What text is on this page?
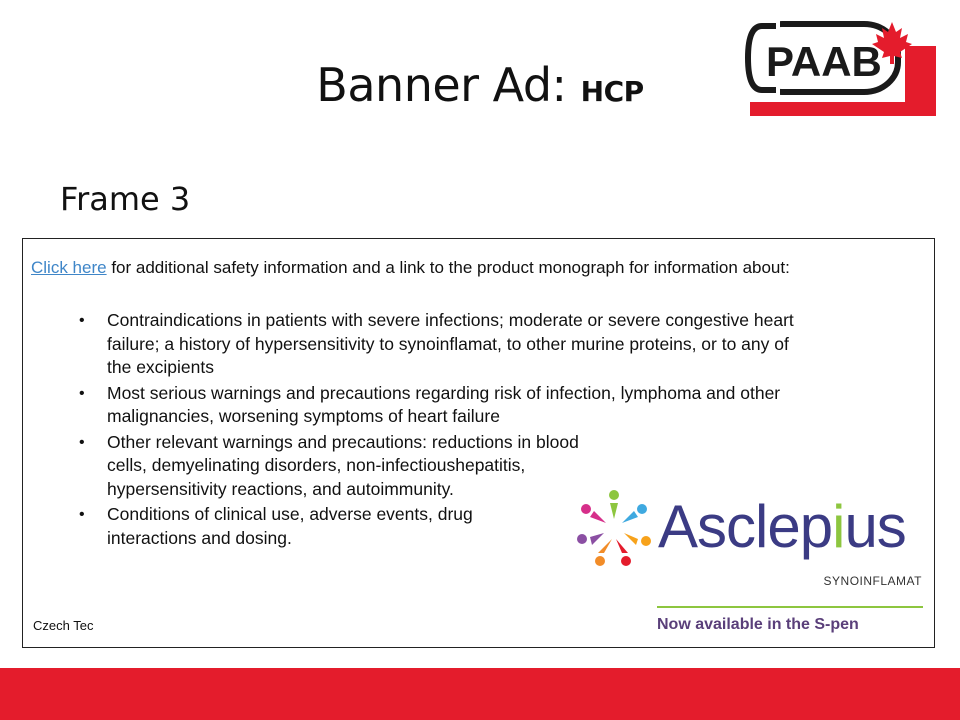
Banner Ad: HCP
PAAB
Frame 3
Click here for additional safety information and a link to the product monograph for information about:
• Contraindications in patients with severe infections; moderate or severe congestive heart failure; a history of hypersensitivity to synoinflamat, to other murine proteins, or to any of the excipients
• Most serious warnings and precautions regarding risk of infection, lymphoma and other malignancies, worsening symptoms of heart failure
• Other relevant warnings and precautions: reductions in blood cells, demyelinating disorders, non-infectioushepatitis, hypersensitivity reactions, and autoimmunity.
• Conditions of clinical use, adverse events, drug interactions and dosing.
Czech Tec
Asclepius
SYNOINFLAMAT
Now available in the S-pen
